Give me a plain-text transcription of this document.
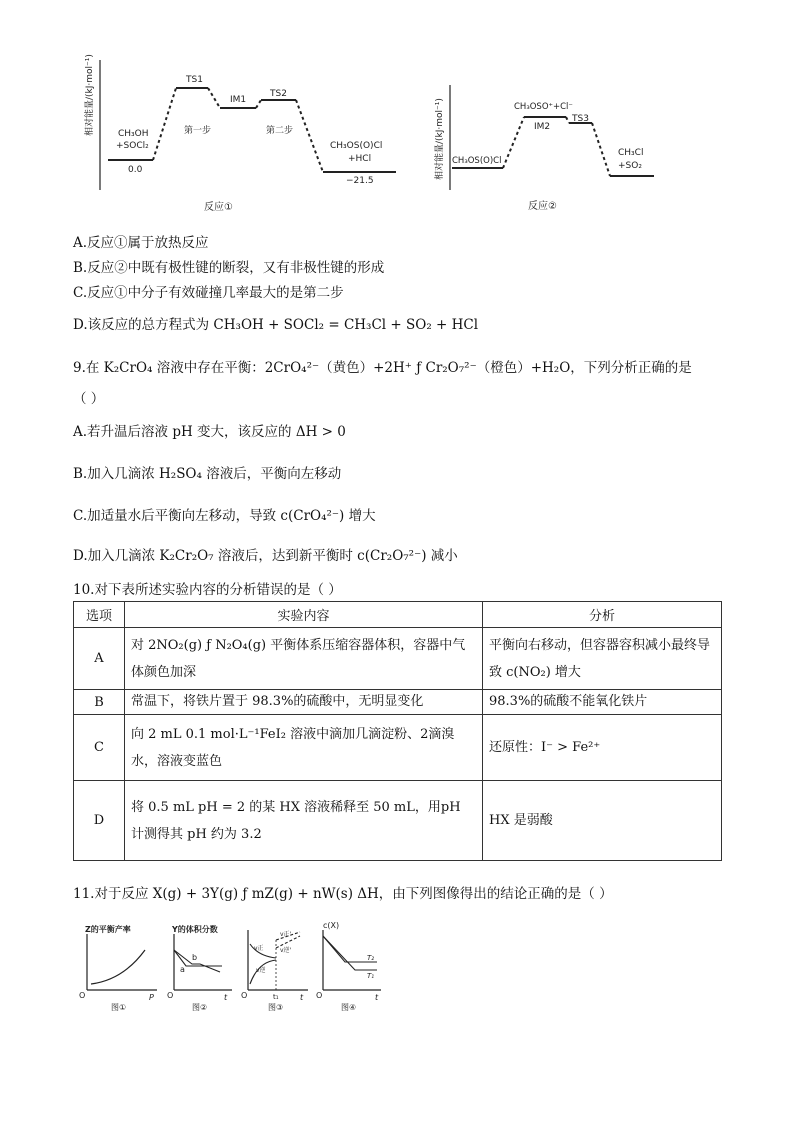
相对能量/(kJ·mol⁻¹)	CH₃OH
+SOCl₂
0.0
TS1
IM1
TS2
第一步	第二步
CH₃OS(O)Cl
+HCl
−21.5
反应①
相对能量/(kJ·mol⁻¹) CH₃OS(O)Cl
CH₃OSO⁺+Cl⁻
IM2
TS3
CH₃Cl
+SO₂
反应②
A.反应①属于放热反应
B.反应②中既有极性键的断裂，又有非极性键的形成
C.反应①中分子有效碰撞几率最大的是第二步
D.该反应的总方程式为 CH₃OH + SOCl₂ = CH₃Cl + SO₂ + HCl
9.在 K₂CrO₄ 溶液中存在平衡：2CrO₄²⁻（黄色）+2H⁺ ƒ Cr₂O₇²⁻（橙色）+H₂O，下列分析正确的是
（ ）
A.若升温后溶液 pH 变大，该反应的 ΔH > 0
B.加入几滴浓 H₂SO₄ 溶液后，平衡向左移动
C.加适量水后平衡向左移动，导致 c(CrO₄²⁻) 增大
D.加入几滴浓 K₂Cr₂O₇ 溶液后，达到新平衡时 c(Cr₂O₇²⁻) 减小
10.对下表所述实验内容的分析错误的是（ ）
选项	实验内容	分析
A	对 2NO₂(g) ƒ N₂O₄(g) 平衡体系压缩容器体积，容器中气体颜色加深	平衡向右移动，但容器容积减小最终导致 c(NO₂) 增大
B	常温下，将铁片置于 98.3%的硫酸中，无明显变化	98.3%的硫酸不能氧化铁片
C	向 2 mL 0.1 mol·L⁻¹FeI₂ 溶液中滴加几滴淀粉、2滴溴水，溶液变蓝色	还原性：I⁻ > Fe²⁺
D	将 0.5 mL pH = 2 的某 HX 溶液稀释至 50 mL，用pH 计测得其 pH 约为 3.2	HX 是弱酸
11.对于反应 X(g) + 3Y(g) ƒ mZ(g) + nW(s) ΔH，由下列图像得出的结论正确的是（ ）
Z的平衡产率
O	P
图①
Y的体积分数
a
b
O	t
图②
v正
v逆
v正'
v逆'
t₁
O	t
图③
c(X)
T₂
T₁
O	t
图④
